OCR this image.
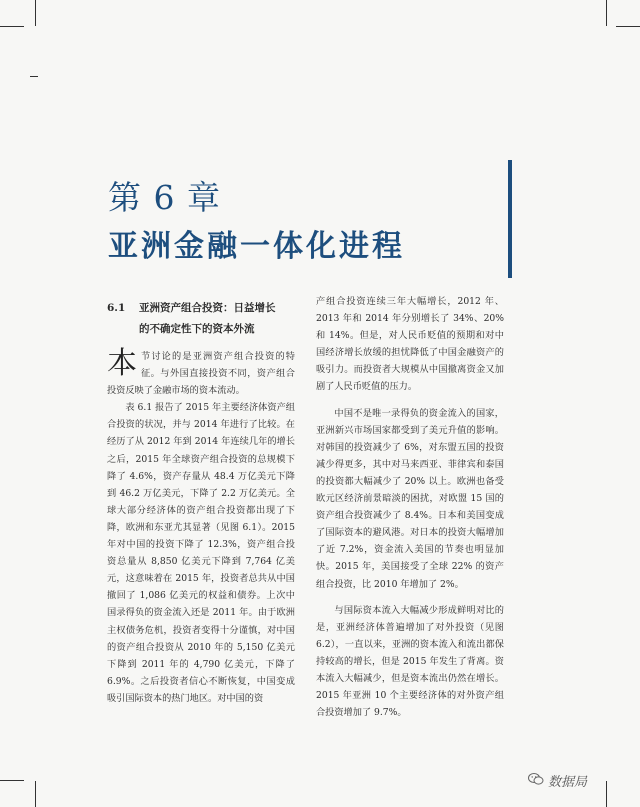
第 6 章
亚洲金融一体化进程
6.1 亚洲资产组合投资：日益增长
的不确定性下的资本外流

本节讨论的是亚洲资产组合投资的特征。与外国直接投资不同，资产组合投资反映了金融市场的资本流动。

表 6.1 报告了 2015 年主要经济体资产组合投资的状况，并与 2014 年进行了比较。在经历了从 2012 年到 2014 年连续几年的增长之后，2015 年全球资产组合投资的总规模下降了 4.6%，资产存量从 48.4 万亿美元下降到 46.2 万亿美元，下降了 2.2 万亿美元。全球大部分经济体的资产组合投资都出现了下降，欧洲和东亚尤其显著（见图 6.1）。2015 年对中国的投资下降了 12.3%，资产组合投资总量从 8,850 亿美元下降到 7,764 亿美元，这意味着在 2015 年，投资者总共从中国撤回了 1,086 亿美元的权益和债券。上次中国录得负的资金流入还是 2011 年。由于欧洲主权债务危机，投资者变得十分谨慎，对中国的资产组合投资从 2010 年的 5,150 亿美元下降到 2011 年的 4,790 亿美元，下降了 6.9%。之后投资者信心不断恢复，中国变成吸引国际资本的热门地区。对中国的资

产组合投资连续三年大幅增长，2012 年、2013 年和 2014 年分别增长了 34%、20% 和 14%。但是，对人民币贬值的预期和对中国经济增长放缓的担忧降低了中国金融资产的吸引力。而投资者大规模从中国撤离资金又加剧了人民币贬值的压力。

中国不是唯一录得负的资金流入的国家，亚洲新兴市场国家都受到了美元升值的影响。对韩国的投资减少了 6%，对东盟五国的投资减少得更多，其中对马来西亚、菲律宾和泰国的投资都大幅减少了 20% 以上。欧洲也备受欧元区经济前景暗淡的困扰，对欧盟 15 国的资产组合投资减少了 8.4%。日本和美国变成了国际资本的避风港。对日本的投资大幅增加了近 7.2%，资金流入美国的节奏也明显加快。2015 年，美国接受了全球 22% 的资产组合投资，比 2010 年增加了 2%。

与国际资本流入大幅减少形成鲜明对比的是，亚洲经济体普遍增加了对外投资（见图 6.2），一直以来，亚洲的资本流入和流出都保持较高的增长，但是 2015 年发生了背离。资本流入大幅减少，但是资本流出仍然在增长。2015 年亚洲 10 个主要经济体的对外资产组合投资增加了 9.7%。

数据局
